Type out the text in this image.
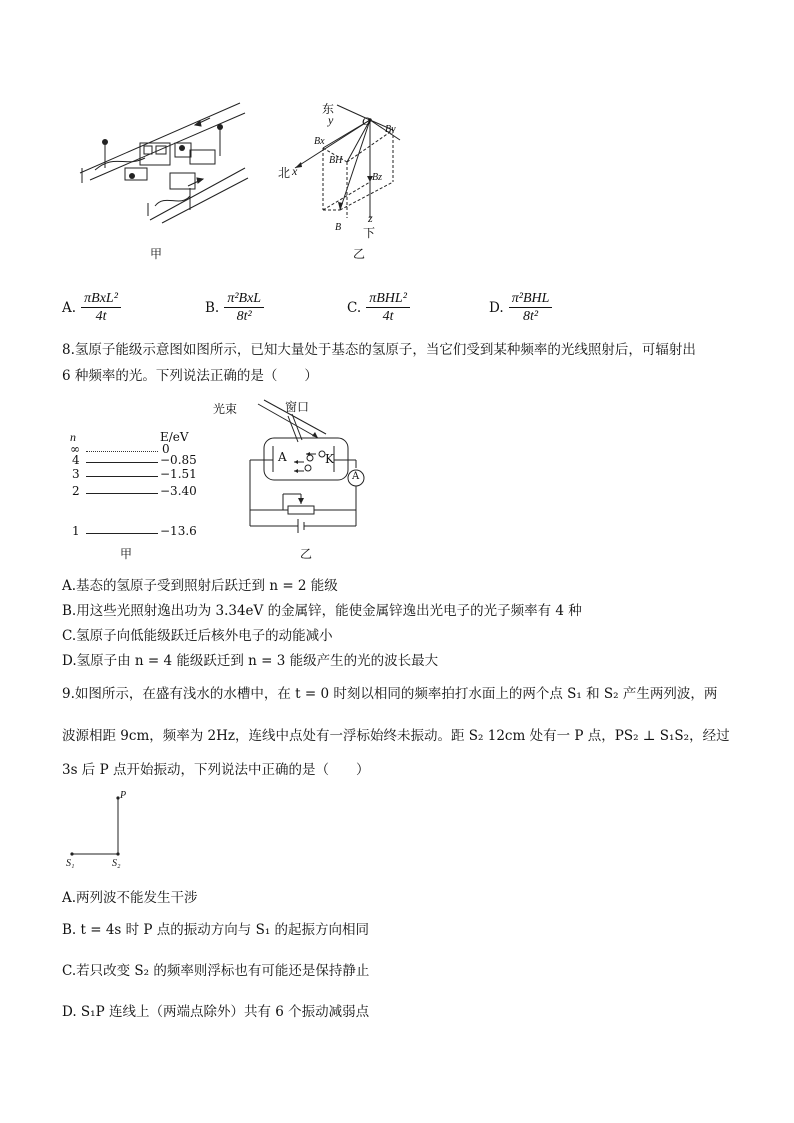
甲
东
y O
By
Bx
BH
北 x	Bz
z
B 下
乙
A. $\frac{\text{πBxL²}}{4t}$	B. $\frac{\text{π²BxL}}{\text{8t²}}$	C. $\frac{\text{πBHL²}}{4t}$	D. $\frac{\text{π²BHL}}{\text{8t²}}$
8.氢原子能级示意图如图所示，已知大量处于基态的氢原子，当它们受到某种频率的光线照射后，可辐射出
6 种频率的光。下列说法正确的是（　　）
n	E/eV
∞	0
4	−0.85
3	−1.51
2	−3.40
1	−13.6
甲
光束	窗口
A	K
A
乙
A.基态的氢原子受到照射后跃迁到 n = 2 能级
B.用这些光照射逸出功为 3.34eV 的金属锌，能使金属锌逸出光电子的光子频率有 4 种
C.氢原子向低能级跃迁后核外电子的动能减小
D.氢原子由 n = 4 能级跃迁到 n = 3 能级产生的光的波长最大
9.如图所示，在盛有浅水的水槽中，在 t = 0 时刻以相同的频率拍打水面上的两个点 S₁ 和 S₂ 产生两列波，两
波源相距 9cm，频率为 2Hz，连线中点处有一浮标始终未振动。距 S₂ 12cm 处有一 P 点，PS₂ ⊥ S₁S₂，经过
3s 后 P 点开始振动，下列说法中正确的是（　　）
P
S₁	S₂
A.两列波不能发生干涉
B. t = 4s 时 P 点的振动方向与 S₁ 的起振方向相同
C.若只改变 S₂ 的频率则浮标也有可能还是保持静止
D. S₁P 连线上（两端点除外）共有 6 个振动减弱点
